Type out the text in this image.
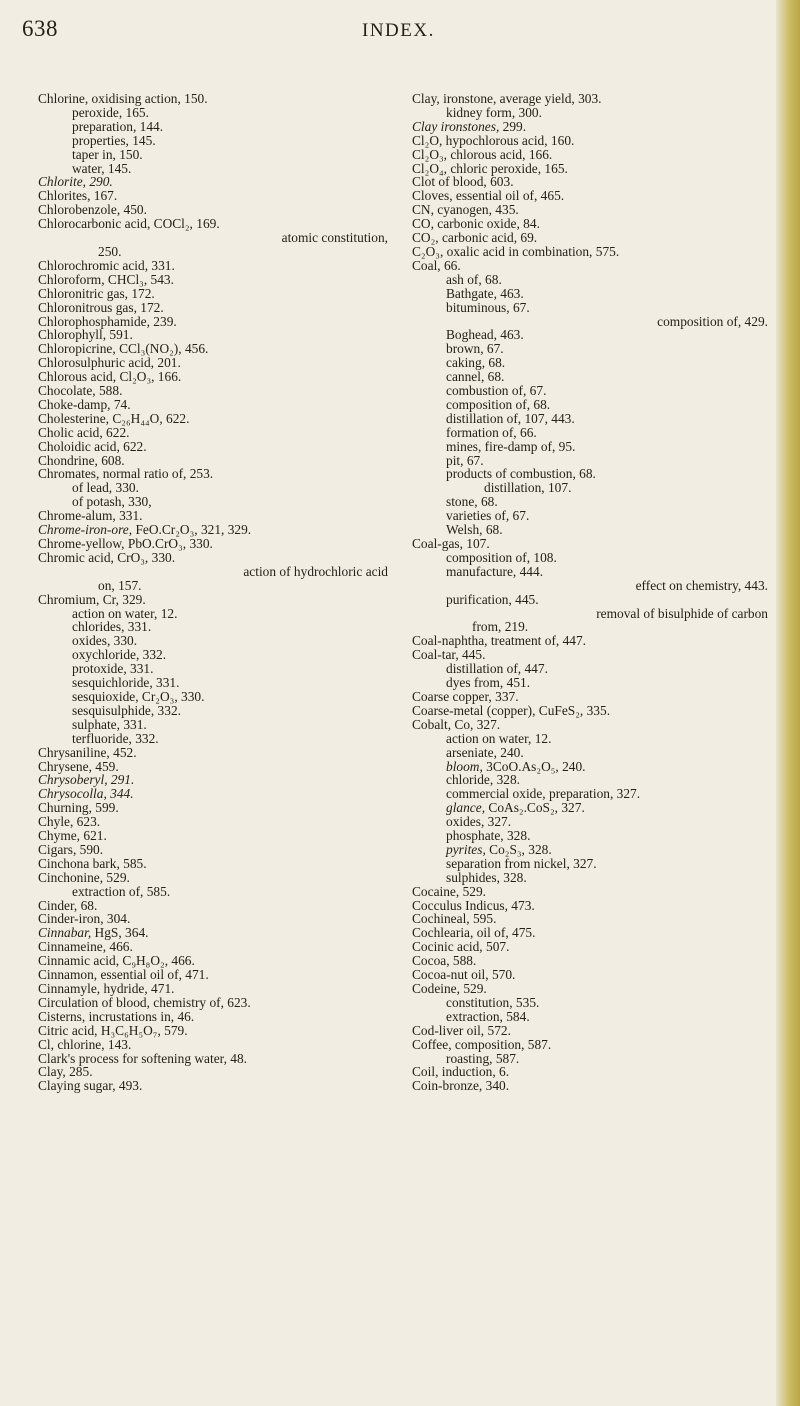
638	INDEX.
Chlorine, oxidising action, 150.
peroxide, 165.
preparation, 144.
properties, 145.
taper in, 150.
water, 145.
Chlorite, 290.
Chlorites, 167.
Chlorobenzole, 450.
Chlorocarbonic acid, COCl₂, 169.
atomic constitution,
250.
Chlorochromic acid, 331.
Chloroform, CHCl₃, 543.
Chloronitric gas, 172.
Chloronitrous gas, 172.
Chlorophosphamide, 239.
Chlorophyll, 591.
Chloropicrine, CCl₃(NO₂), 456.
Chlorosulphuric acid, 201.
Chlorous acid, Cl₂O₃, 166.
Chocolate, 588.
Choke-damp, 74.
Cholesterine, C₂₆H₄₄O, 622.
Cholic acid, 622.
Choloidic acid, 622.
Chondrine, 608.
Chromates, normal ratio of, 253.
of lead, 330.
of potash, 330,
Chrome-alum, 331.
Chrome-iron-ore, FeO.Cr₂O₃, 321, 329.
Chrome-yellow, PbO.CrO₃, 330.
Chromic acid, CrO₃, 330.
action of hydrochloric acid
on, 157.
Chromium, Cr, 329.
action on water, 12.
chlorides, 331.
oxides, 330.
oxychloride, 332.
protoxide, 331.
sesquichloride, 331.
sesquioxide, Cr₂O₃, 330.
sesquisulphide, 332.
sulphate, 331.
terfluoride, 332.
Chrysaniline, 452.
Chrysene, 459.
Chrysoberyl, 291.
Chrysocolla, 344.
Churning, 599.
Chyle, 623.
Chyme, 621.
Cigars, 590.
Cinchona bark, 585.
Cinchonine, 529.
extraction of, 585.
Cinder, 68.
Cinder-iron, 304.
Cinnabar, HgS, 364.
Cinnameine, 466.
Cinnamic acid, C₉H₈O₂, 466.
Cinnamon, essential oil of, 471.
Cinnamyle, hydride, 471.
Circulation of blood, chemistry of, 623.
Cisterns, incrustations in, 46.
Citric acid, H₃C₆H₅O₇, 579.
Cl, chlorine, 143.
Clark's process for softening water, 48.
Clay, 285.
Claying sugar, 493.
Clay, ironstone, average yield, 303.
kidney form, 300.
Clay ironstones, 299.
Cl₂O, hypochlorous acid, 160.
Cl₂O₃, chlorous acid, 166.
Cl₂O₄, chloric peroxide, 165.
Clot of blood, 603.
Cloves, essential oil of, 465.
CN, cyanogen, 435.
CO, carbonic oxide, 84.
CO₂, carbonic acid, 69.
C₂O₃, oxalic acid in combination, 575.
Coal, 66.
ash of, 68.
Bathgate, 463.
bituminous, 67.
composition of, 429.
Boghead, 463.
brown, 67.
caking, 68.
cannel, 68.
combustion of, 67.
composition of, 68.
distillation of, 107, 443.
formation of, 66.
mines, fire-damp of, 95.
pit, 67.
products of combustion, 68.
distillation, 107.
stone, 68.
varieties of, 67.
Welsh, 68.
Coal-gas, 107.
composition of, 108.
manufacture, 444.
effect on chemistry, 443.
purification, 445.
removal of bisulphide of carbon
from, 219.
Coal-naphtha, treatment of, 447.
Coal-tar, 445.
distillation of, 447.
dyes from, 451.
Coarse copper, 337.
Coarse-metal (copper), CuFeS₂, 335.
Cobalt, Co, 327.
action on water, 12.
arseniate, 240.
bloom, 3CoO.As₂O₅, 240.
chloride, 328.
commercial oxide, preparation, 327.
glance, CoAs₂.CoS₂, 327.
oxides, 327.
phosphate, 328.
pyrites, Co₂S₃, 328.
separation from nickel, 327.
sulphides, 328.
Cocaine, 529.
Cocculus Indicus, 473.
Cochineal, 595.
Cochlearia, oil of, 475.
Cocinic acid, 507.
Cocoa, 588.
Cocoa-nut oil, 570.
Codeine, 529.
constitution, 535.
extraction, 584.
Cod-liver oil, 572.
Coffee, composition, 587.
roasting, 587.
Coil, induction, 6.
Coin-bronze, 340.
